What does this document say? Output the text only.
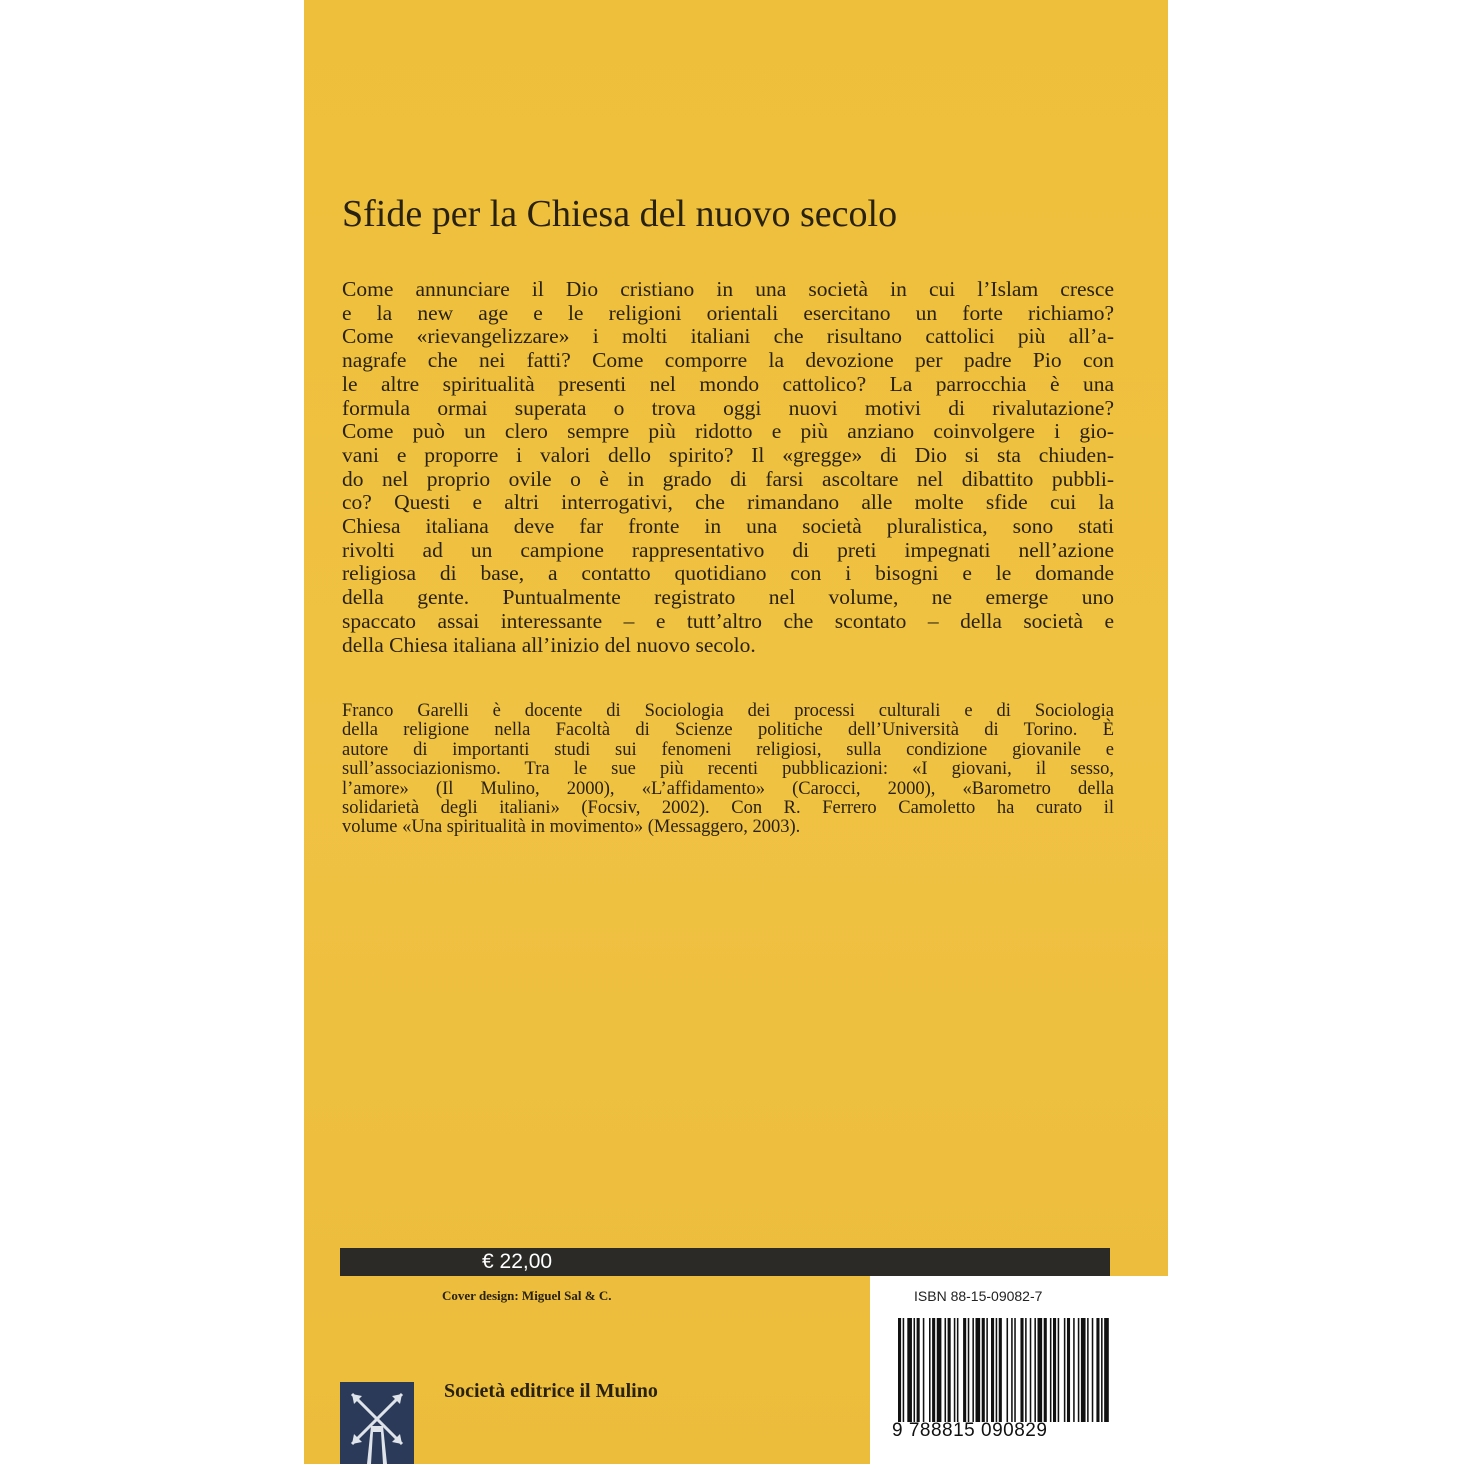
Sfide per la Chiesa del nuovo secolo
Come annunciare il Dio cristiano in una società in cui l’Islam cresce
e la new age e le religioni orientali esercitano un forte richiamo?
Come «rievangelizzare» i molti italiani che risultano cattolici più all’a-
nagrafe che nei fatti? Come comporre la devozione per padre Pio con
le altre spiritualità presenti nel mondo cattolico? La parrocchia è una
formula ormai superata o trova oggi nuovi motivi di rivalutazione?
Come può un clero sempre più ridotto e più anziano coinvolgere i gio-
vani e proporre i valori dello spirito? Il «gregge» di Dio si sta chiuden-
do nel proprio ovile o è in grado di farsi ascoltare nel dibattito pubbli-
co? Questi e altri interrogativi, che rimandano alle molte sfide cui la
Chiesa italiana deve far fronte in una società pluralistica, sono stati
rivolti ad un campione rappresentativo di preti impegnati nell’azione
religiosa di base, a contatto quotidiano con i bisogni e le domande
della gente. Puntualmente registrato nel volume, ne emerge uno
spaccato assai interessante – e tutt’altro che scontato – della società e
della Chiesa italiana all’inizio del nuovo secolo.
Franco Garelli è docente di Sociologia dei processi culturali e di Sociologia
della religione nella Facoltà di Scienze politiche dell’Università di Torino. È
autore di importanti studi sui fenomeni religiosi, sulla condizione giovanile e
sull’associazionismo. Tra le sue più recenti pubblicazioni: «I giovani, il sesso,
l’amore» (Il Mulino, 2000), «L’affidamento» (Carocci, 2000), «Barometro della
solidarietà degli italiani» (Focsiv, 2002). Con R. Ferrero Camoletto ha curato il
volume «Una spiritualità in movimento» (Messaggero, 2003).
€ 22,00
Cover design: Miguel Sal & C.
Società editrice il Mulino
ISBN 88-15-09082-7
9 788815 090829
